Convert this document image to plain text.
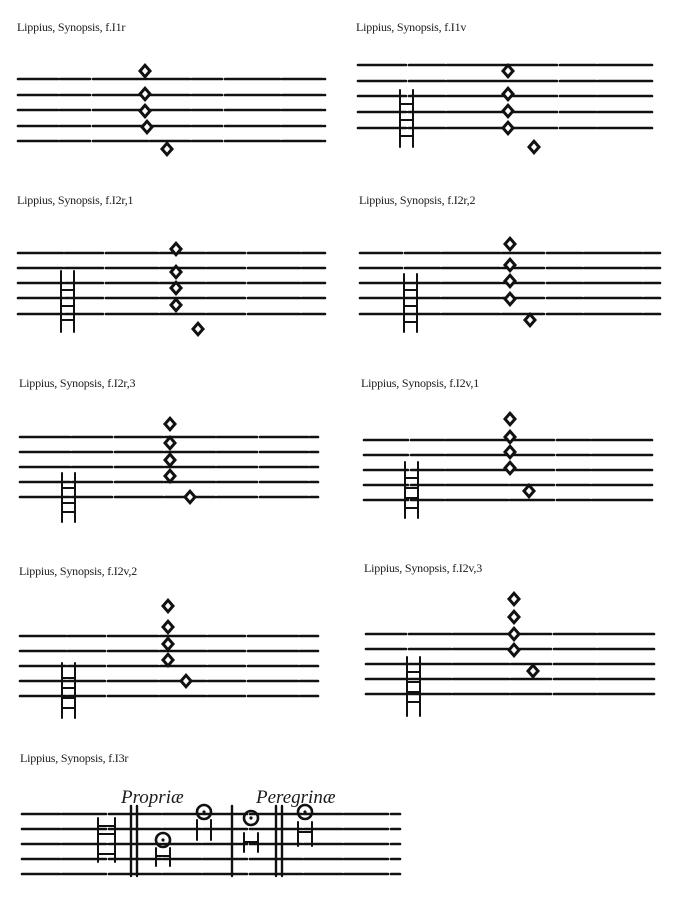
Lippius, Synopsis, f.I1r	Lippius, Synopsis, f.I1v
Lippius, Synopsis, f.I2r,1	Lippius, Synopsis, f.I2r,2
Lippius, Synopsis, f.I2r,3	Lippius, Synopsis, f.I2v,1
Lippius, Synopsis, f.I2v,2	Lippius, Synopsis, f.I2v,3
Lippius, Synopsis, f.I3r
Propriæ	Peregrinæ
